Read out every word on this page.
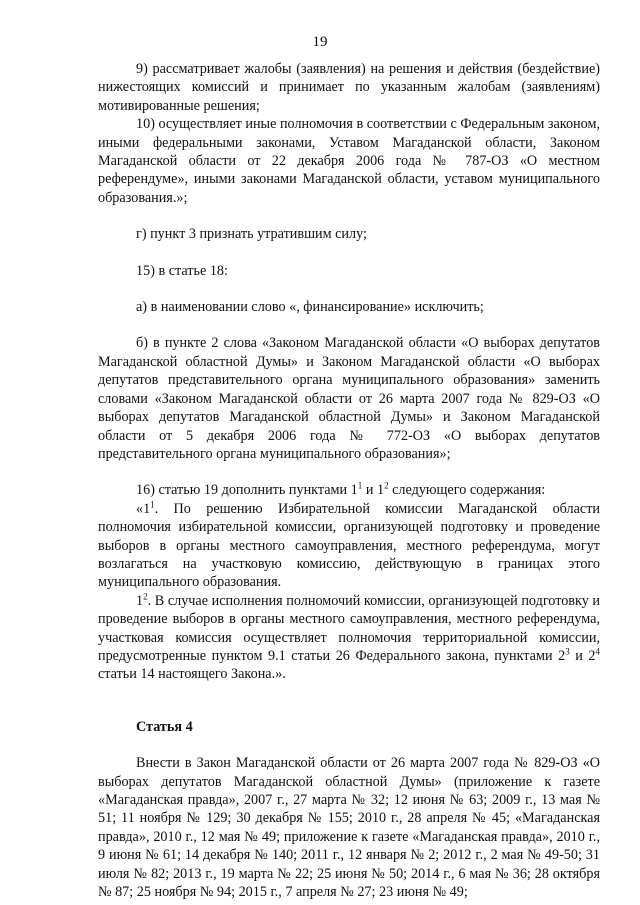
19

9) рассматривает жалобы (заявления) на решения и действия (бездействие) нижестоящих комиссий и принимает по указанным жалобам (заявлениям) мотивированные решения;

10) осуществляет иные полномочия в соответствии с Федеральным законом, иными федеральными законами, Уставом Магаданской области, Законом Магаданской области от 22 декабря 2006 года № 787-ОЗ «О местном референдуме», иными законами Магаданской области, уставом муниципального образования.»;

г) пункт 3 признать утратившим силу;

15) в статье 18:

а) в наименовании слово «, финансирование» исключить;

б) в пункте 2 слова «Законом Магаданской области «О выборах депутатов Магаданской областной Думы» и Законом Магаданской области «О выборах депутатов представительного органа муниципального образования» заменить словами «Законом Магаданской области от 26 марта 2007 года № 829-ОЗ «О выборах депутатов Магаданской областной Думы» и Законом Магаданской области от 5 декабря 2006 года № 772-ОЗ «О выборах депутатов представительного органа муниципального образования»;

16) статью 19 дополнить пунктами $1^1$ и $1^2$ следующего содержания:

«$1^1$. По решению Избирательной комиссии Магаданской области полномочия избирательной комиссии, организующей подготовку и проведение выборов в органы местного самоуправления, местного референдума, могут возлагаться на участковую комиссию, действующую в границах этого муниципального образования.

$1^2$. В случае исполнения полномочий комиссии, организующей подготовку и проведение выборов в органы местного самоуправления, местного референдума, участковая комиссия осуществляет полномочия территориальной комиссии, предусмотренные пунктом 9.1 статьи 26 Федерального закона, пунктами $2^3$ и $2^4$ статьи 14 настоящего Закона.».

Статья 4

Внести в Закон Магаданской области от 26 марта 2007 года № 829-ОЗ «О выборах депутатов Магаданской областной Думы» (приложение к газете «Магаданская правда», 2007 г., 27 марта № 32; 12 июня № 63; 2009 г., 13 мая № 51; 11 ноября № 129; 30 декабря № 155; 2010 г., 28 апреля № 45; «Магаданская правда», 2010 г., 12 мая № 49; приложение к газете «Магаданская правда», 2010 г., 9 июня № 61; 14 декабря № 140; 2011 г., 12 января № 2; 2012 г., 2 мая № 49-50; 31 июля № 82; 2013 г., 19 марта № 22; 25 июня № 50; 2014 г., 6 мая № 36; 28 октября № 87; 25 ноября № 94; 2015 г., 7 апреля № 27; 23 июня № 49;
